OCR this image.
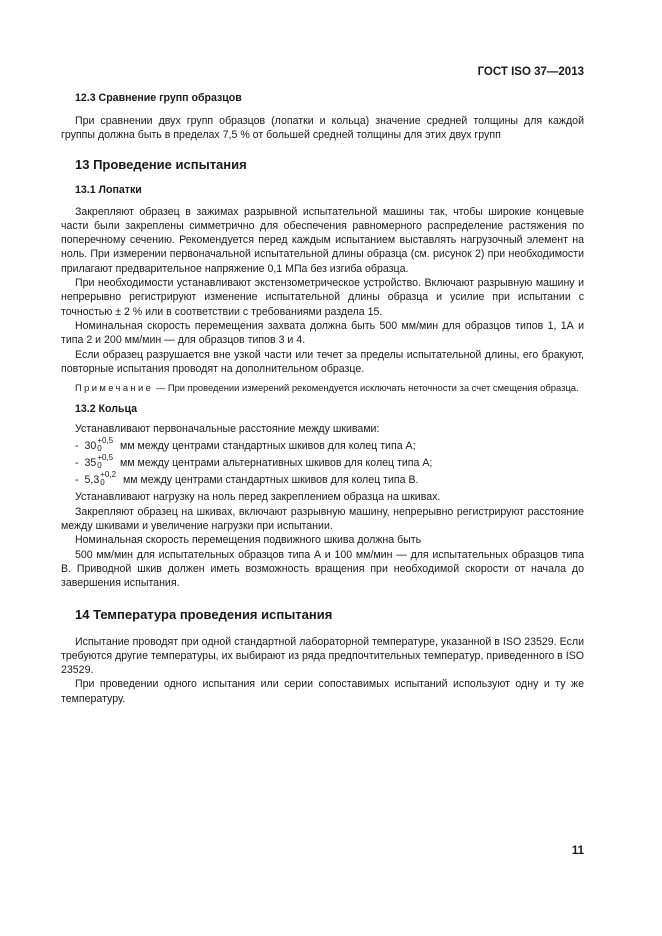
ГОСТ ISO 37—2013
12.3 Сравнение групп образцов

При сравнении двух групп образцов (лопатки и кольца) значение средней толщины для каждой группы должна быть в пределах 7,5 % от большей средней толщины для этих двух групп

13 Проведение испытания
13.1 Лопатки

Закрепляют образец в зажимах разрывной испытательной машины так, чтобы широкие концевые части были закреплены симметрично для обеспечения равномерного распределение растяжения по поперечному сечению. Рекомендуется перед каждым испытанием выставлять нагрузочный элемент на ноль. При измерении первоначальной испытательной длины образца (см. рисунок 2) при необходимости прилагают предварительное напряжение 0,1 МПа без изгиба образца.

При необходимости устанавливают экстензометрическое устройство. Включают разрывную машину и непрерывно регистрируют изменение испытательной длины образца и усилие при испытании с точностью ± 2 % или в соответствии с требованиями раздела 15.

Номинальная скорость перемещения захвата должна быть 500 мм/мин для образцов типов 1, 1А и типа 2 и 200 мм/мин — для образцов типов 3 и 4.

Если образец разрушается вне узкой части или течет за пределы испытательной длины, его бракуют, повторные испытания проводят на дополнительном образце.

Примечание — При проведении измерений рекомендуется исключать неточности за счет смещения образца.

13.2 Кольца

Устанавливают первоначальные расстояние между шкивами:

- 30
+0,5
0	мм между центрами стандартных шкивов для колец типа А;
- 35
+0,5
0	мм между центрами альтернативных шкивов для колец типа А;
- 5,3
+0,2
0	мм между центрами стандартных шкивов для колец типа В.

Устанавливают нагрузку на ноль перед закреплением образца на шкивах.

Закрепляют образец на шкивах, включают разрывную машину, непрерывно регистрируют расстояние между шкивами и увеличение нагрузки при испытании.

Номинальная скорость перемещения подвижного шкива должна быть

500 мм/мин для испытательных образцов типа А и 100 мм/мин — для испытательных образцов типа В. Приводной шкив должен иметь возможность вращения при необходимой скорости от начала до завершения испытания.

14 Температура проведения испытания

Испытание проводят при одной стандартной лабораторной температуре, указанной в ISO 23529. Если требуются другие температуры, их выбирают из ряда предпочтительных температур, приведенного в ISO 23529.

При проведении одного испытания или серии сопоставимых испытаний используют одну и ту же температуру.

11
